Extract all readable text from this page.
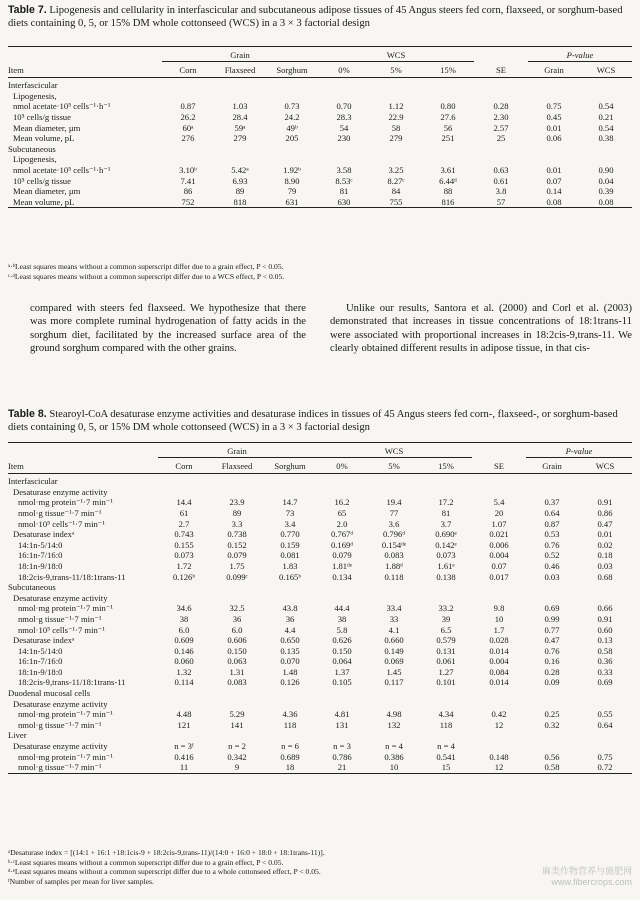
Table 7. Lipogenesis and cellularity in interfascicular and subcutaneous adipose tissues of 45 Angus steers fed corn, flaxseed, or sorghum-based diets containing 0, 5, or 15% DM whole cottonseed (WCS) in a 3 × 3 factorial design
	Grain			WCS				P-value	
Item	Corn	Flaxseed	Sorghum	0%	5%	15%	SE	Grain	WCS
Interfascicular									
Lipogenesis,									
nmol acetate·10⁵ cells⁻¹·h⁻¹	0.87	1.03	0.73	0.70	1.12	0.80	0.28	0.75	0.54
10⁵ cells/g tissue	26.2	28.4	24.2	28.3	22.9	27.6	2.30	0.45	0.21
Mean diameter, µm	60ᵃ	59ᵃ	49ᵇ	54	58	56	2.57	0.01	0.54
Mean volume, pL	276	279	205	230	279	251	25	0.06	0.38
Subcutaneous									
Lipogenesis,									
nmol acetate·10⁵ cells⁻¹·h⁻¹	3.10ᵇ	5.42ᵃ	1.92ᵇ	3.58	3.25	3.61	0.63	0.01	0.90
10⁵ cells/g tissue	7.41	6.93	8.90	8.53ᶜ	8.27ᶜ	6.44ᵈ	0.61	0.07	0.04
Mean diameter, µm	86	89	79	81	84	88	3.8	0.14	0.39
Mean volume, pL	752	818	631	630	755	816	57	0.08	0.08
ᵃ·ᵇLeast squares means without a common superscript differ due to a grain effect, P < 0.05.
ᶜ·ᵈLeast squares means without a common superscript differ due to a WCS effect, P < 0.05.
compared with steers fed flaxseed. We hypothesize that there was more complete ruminal hydrogenation of fatty acids in the sorghum diet, facilitated by the increased surface area of the ground sorghum compared with the other grains.
Unlike our results, Santora et al. (2000) and Corl et al. (2003) demonstrated that increases in tissue concentrations of 18:1trans-11 were associated with proportional increases in 18:2cis-9,trans-11. We clearly obtained different results in adipose tissue, in that cis-
Table 8. Stearoyl-CoA desaturase enzyme activities and desaturase indices in tissues of 45 Angus steers fed corn-, flaxseed-, or sorghum-based diets containing 0, 5, or 15% DM whole cottonseed (WCS) in a 3 × 3 factorial design
	Grain			WCS				P-value	
Item	Corn	Flaxseed	Sorghum	0%	5%	15%	SE	Grain	WCS
Interfascicular									
Desaturase enzyme activity									
nmol·mg protein⁻¹·7 min⁻¹	14.4	23.9	14.7	16.2	19.4	17.2	5.4	0.37	0.91
nmol·g tissue⁻¹·7 min⁻¹	61	89	73	65	77	81	20	0.64	0.86
nmol·10⁵ cells⁻¹·7 min⁻¹	2.7	3.3	3.4	2.0	3.6	3.7	1.07	0.87	0.47
Desaturase indexᵃ	0.743	0.738	0.770	0.767ᵈ	0.796ᵈ	0.690ᵉ	0.021	0.53	0.01
14:1n-5/14:0	0.155	0.152	0.159	0.169ᵈ	0.154ᵈᵉ	0.142ᵉ	0.006	0.76	0.02
16:1n-7/16:0	0.073	0.079	0.081	0.079	0.083	0.073	0.004	0.52	0.18
18:1n-9/18:0	1.72	1.75	1.83	1.81ᵈᵉ	1.88ᵈ	1.61ᵉ	0.07	0.46	0.03
18:2cis-9,trans-11/18:1trans-11	0.126ᵇ	0.099ᶜ	0.165ᵇ	0.134	0.118	0.138	0.017	0.03	0.68
Subcutaneous									
Desaturase enzyme activity									
nmol·mg protein⁻¹·7 min⁻¹	34.6	32.5	43.8	44.4	33.4	33.2	9.8	0.69	0.66
nmol·g tissue⁻¹·7 min⁻¹	38	36	36	38	33	39	10	0.99	0.91
nmol·10⁵ cells⁻¹·7 min⁻¹	6.0	6.0	4.4	5.8	4.1	6.5	1.7	0.77	0.60
Desaturase indexᵃ	0.609	0.606	0.650	0.626	0.660	0.579	0.028	0.47	0.13
14:1n-5/14:0	0.146	0.150	0.135	0.150	0.149	0.131	0.014	0.76	0.58
16:1n-7/16:0	0.060	0.063	0.070	0.064	0.069	0.061	0.004	0.16	0.36
18:1n-9/18:0	1.32	1.31	1.48	1.37	1.45	1.27	0.084	0.28	0.33
18:2cis-9,trans-11/18:1trans-11	0.114	0.083	0.126	0.105	0.117	0.101	0.014	0.09	0.69
Duodenal mucosal cells									
Desaturase enzyme activity									
nmol·mg protein⁻¹·7 min⁻¹	4.48	5.29	4.36	4.81	4.98	4.34	0.42	0.25	0.55
nmol·g tissue⁻¹·7 min⁻¹	121	141	118	131	132	118	12	0.32	0.64
Liver									
Desaturase enzyme activity	n = 3ᶠ	n = 2	n = 6	n = 3	n = 4	n = 4			
nmol·mg protein⁻¹·7 min⁻¹	0.416	0.342	0.689	0.786	0.386	0.541	0.148	0.56	0.75
nmol·g tissue⁻¹·7 min⁻¹	11	9	18	21	10	15	12	0.58	0.72
ᵃDesaturase index = [(14:1 + 16:1 +18:1cis-9 + 18:2cis-9,trans-11)/(14:0 + 16:0 + 18:0 + 18:1trans-11)].
ᵇ·ᶜLeast squares means without a common superscript differ due to a grain effect, P < 0.05.
ᵈ·ᵉLeast squares means without a common superscript differ due to a whole cottonseed effect, P < 0.05.
ᶠNumber of samples per mean for liver samples.
麻类作物营养与施肥网
www.fibercrops.com
